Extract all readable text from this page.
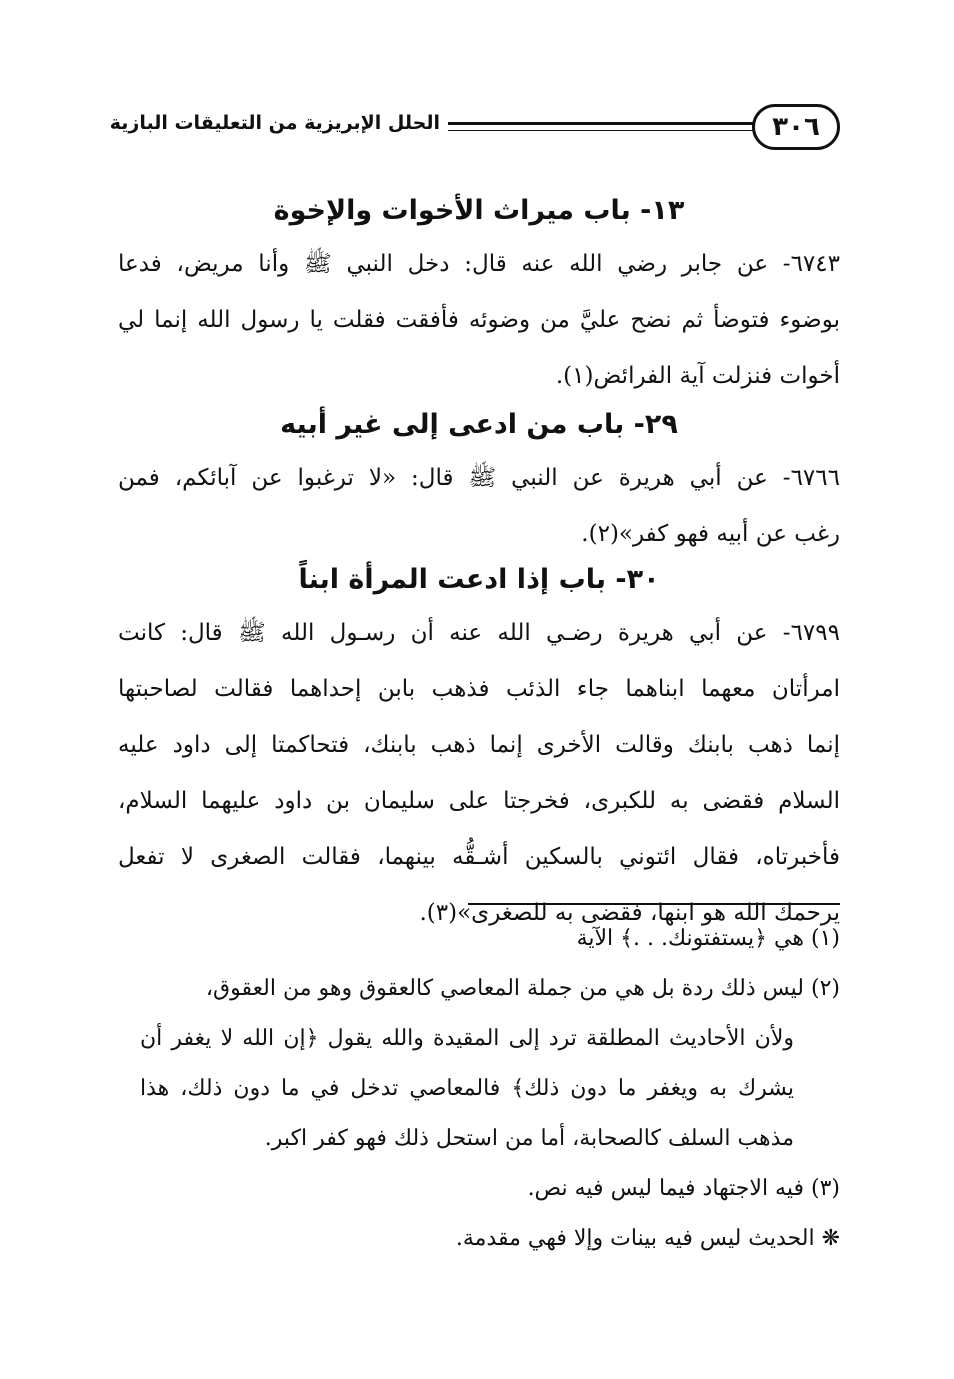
٣٠٦
الحلل الإبريزية من التعليقات البازية
١٣- باب ميراث الأخوات والإخوة
٦٧٤٣- عن جابر رضي الله عنه قال: دخل النبي ﷺ وأنا مريض، فدعا
بوضوء فتوضأ ثم نضح عليَّ من وضوئه فأفقت فقلت يا رسول الله إنما لي
أخوات فنزلت آية الفرائض(١).
٢٩- باب من ادعى إلى غير أبيه
٦٧٦٦- عن أبي هريرة عن النبي ﷺ قال: «لا ترغبوا عن آبائكم، فمن
رغب عن أبيه فهو كفر»(٢).
٣٠- باب إذا ادعت المرأة ابناً
٦٧٩٩- عن أبي هريرة رضـي الله عنه أن رسـول الله ﷺ قال: كانت
امرأتان معهما ابناهما جاء الذئب فذهب بابن إحداهما فقالت لصاحبتها
إنما ذهب بابنك وقالت الأخرى إنما ذهب بابنك، فتحاكمتا إلى داود عليه
السلام فقضى به للكبرى، فخرجتا على سليمان بن داود عليهما السلام،
فأخبرتاه، فقال ائتوني بالسكين أشـقُّه بينهما، فقالت الصغرى لا تفعل
يرحمك الله هو ابنها، فقضى به للصغرى»(٣).
(١) هي ﴿يستفتونك. . .﴾ الآية
(٢) ليس ذلك ردة بل هي من جملة المعاصي كالعقوق وهو من العقوق،
ولأن الأحاديث المطلقة ترد إلى المقيدة والله يقول ﴿إن الله لا يغفر أن
يشرك به ويغفر ما دون ذلك﴾ فالمعاصي تدخل في ما دون ذلك، هذا
مذهب السلف كالصحابة، أما من استحل ذلك فهو كفر اكبر.
(٣) فيه الاجتهاد فيما ليس فيه نص.
❋ الحديث ليس فيه بينات وإلا فهي مقدمة.
